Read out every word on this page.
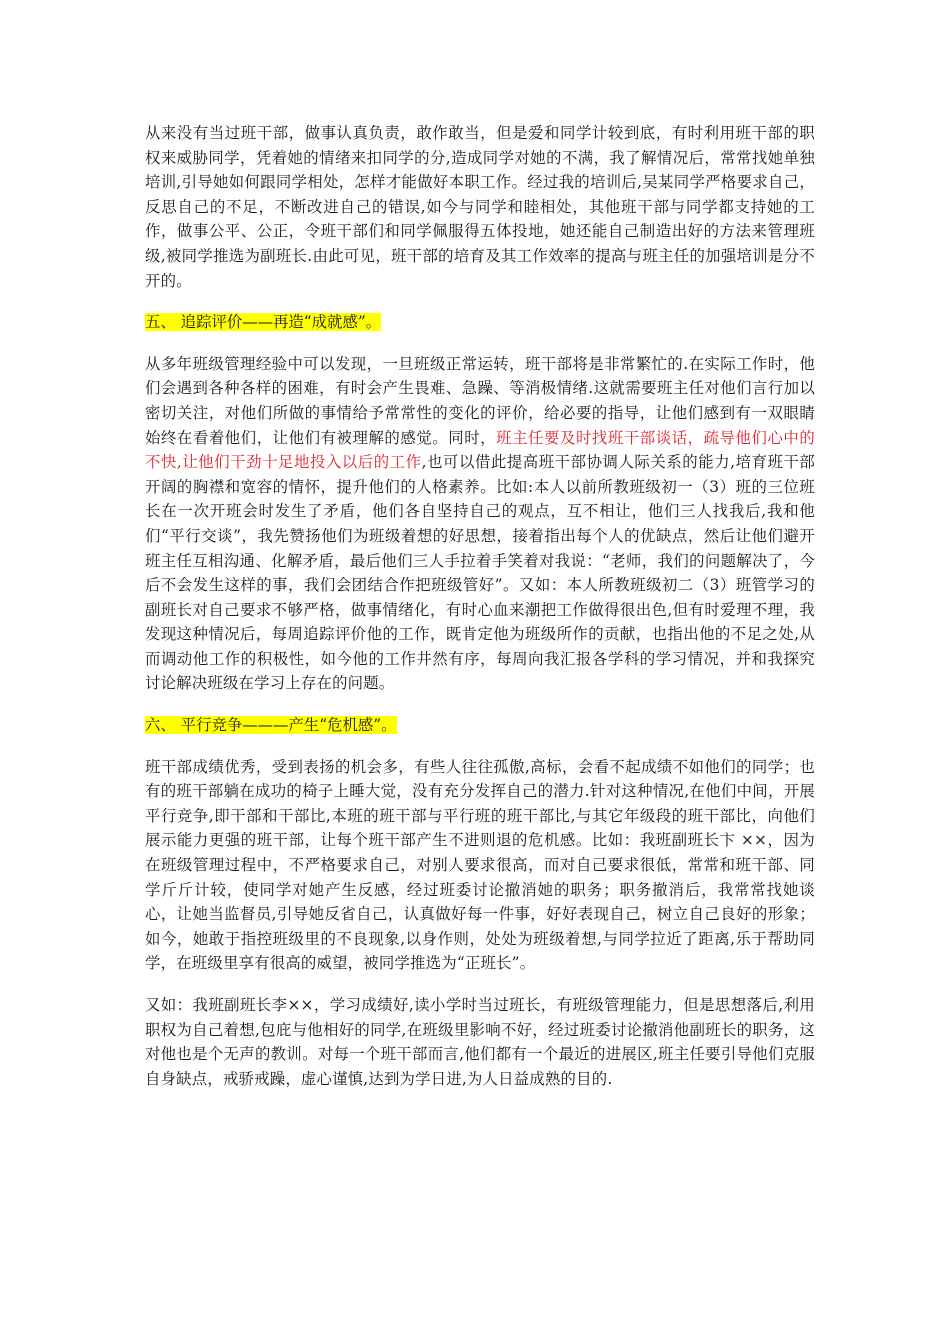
从来没有当过班干部，做事认真负责，敢作敢当，但是爱和同学计较到底，有时利用班干部的职权来威胁同学，凭着她的情绪来扣同学的分,造成同学对她的不满，我了解情况后，常常找她单独培训,引导她如何跟同学相处，怎样才能做好本职工作。经过我的培训后,吴某同学严格要求自己，反思自己的不足，不断改进自己的错误,如今与同学和睦相处，其他班干部与同学都支持她的工作，做事公平、公正，令班干部们和同学佩服得五体投地，她还能自己制造出好的方法来管理班级,被同学推选为副班长.由此可见，班干部的培育及其工作效率的提高与班主任的加强培训是分不开的。

五、 追踪评价——再造“成就感”。

从多年班级管理经验中可以发现，一旦班级正常运转，班干部将是非常繁忙的.在实际工作时，他们会遇到各种各样的困难，有时会产生畏难、急躁、等消极情绪.这就需要班主任对他们言行加以密切关注，对他们所做的事情给予常常性的变化的评价，给必要的指导，让他们感到有一双眼睛始终在看着他们，让他们有被理解的感觉。同时，班主任要及时找班干部谈话，疏导他们心中的不快,让他们干劲十足地投入以后的工作,也可以借此提高班干部协调人际关系的能力,培育班干部开阔的胸襟和宽容的情怀，提升他们的人格素养。比如:本人以前所教班级初一（3）班的三位班长在一次开班会时发生了矛盾，他们各自坚持自己的观点，互不相让，他们三人找我后,我和他们“平行交谈”，我先赞扬他们为班级着想的好思想，接着指出每个人的优缺点，然后让他们避开班主任互相沟通、化解矛盾，最后他们三人手拉着手笑着对我说：“老师，我们的问题解决了，今后不会发生这样的事，我们会团结合作把班级管好”。又如：本人所教班级初二（3）班管学习的副班长对自己要求不够严格，做事情绪化，有时心血来潮把工作做得很出色,但有时爱理不理，我发现这种情况后，每周追踪评价他的工作，既肯定他为班级所作的贡献，也指出他的不足之处,从而调动他工作的积极性，如今他的工作井然有序，每周向我汇报各学科的学习情况，并和我探究讨论解决班级在学习上存在的问题。

六、 平行竞争———产生“危机感”。

班干部成绩优秀，受到表扬的机会多，有些人往往孤傲,高标，会看不起成绩不如他们的同学；也有的班干部躺在成功的椅子上睡大觉，没有充分发挥自己的潜力.针对这种情况,在他们中间，开展平行竞争,即干部和干部比,本班的班干部与平行班的班干部比,与其它年级段的班干部比，向他们展示能力更强的班干部，让每个班干部产生不进则退的危机感。比如：我班副班长卞 ××，因为在班级管理过程中，不严格要求自己，对别人要求很高，而对自己要求很低，常常和班干部、同学斤斤计较，使同学对她产生反感，经过班委讨论撤消她的职务；职务撤消后，我常常找她谈心，让她当监督员,引导她反省自己，认真做好每一件事，好好表现自己，树立自己良好的形象；如今，她敢于指控班级里的不良现象,以身作则，处处为班级着想,与同学拉近了距离,乐于帮助同学，在班级里享有很高的威望，被同学推选为“正班长”。

又如：我班副班长李××，学习成绩好,读小学时当过班长，有班级管理能力，但是思想落后,利用职权为自己着想,包庇与他相好的同学,在班级里影响不好，经过班委讨论撤消他副班长的职务，这对他也是个无声的教训。对每一个班干部而言,他们都有一个最近的进展区,班主任要引导他们克服自身缺点，戒骄戒躁，虚心谨慎,达到为学日进,为人日益成熟的目的.
